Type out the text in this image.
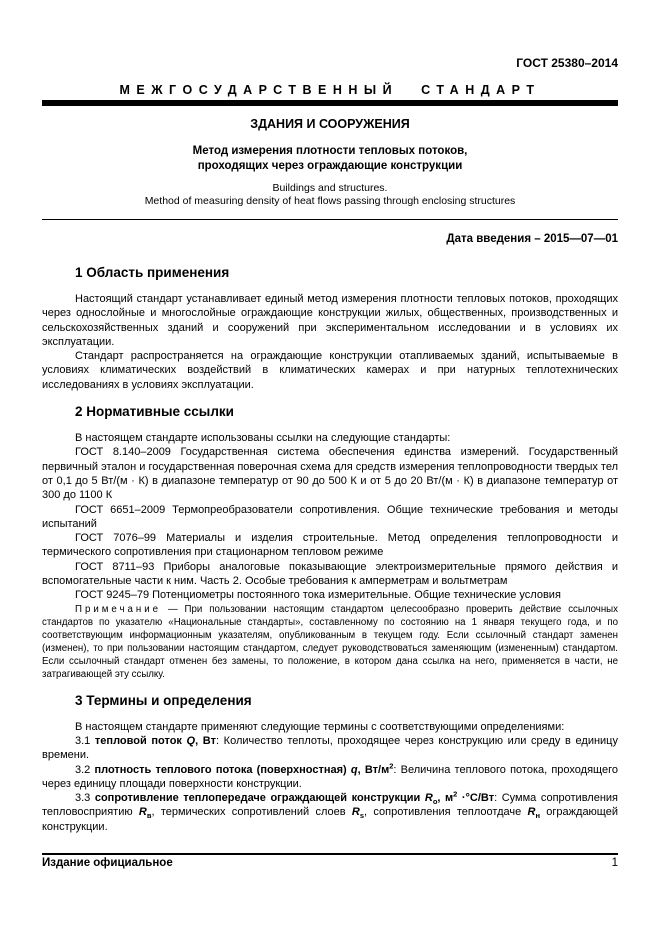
ГОСТ 25380–2014
МЕЖГОСУДАРСТВЕННЫЙ СТАНДАРТ
ЗДАНИЯ И СООРУЖЕНИЯ
Метод измерения плотности тепловых потоков,
проходящих через ограждающие конструкции
Buildings and structures.
Method of measuring density of heat flows passing through enclosing structures
Дата введения – 2015—07—01
1 Область применения

Настоящий стандарт устанавливает единый метод измерения плотности тепловых потоков, проходящих через однослойные и многослойные ограждающие конструкции жилых, общественных, производственных и сельскохозяйственных зданий и сооружений при экспериментальном исследовании и в условиях их эксплуатации.

Стандарт распространяется на ограждающие конструкции отапливаемых зданий, испытываемые в условиях климатических воздействий в климатических камерах и при натурных теплотехнических исследованиях в условиях эксплуатации.

2 Нормативные ссылки

В настоящем стандарте использованы ссылки на следующие стандарты:

ГОСТ 8.140–2009 Государственная система обеспечения единства измерений. Государственный первичный эталон и государственная поверочная схема для средств измерения теплопроводности твердых тел от 0,1 до 5 Вт/(м · К) в диапазоне температур от 90 до 500 К и от 5 до 20 Вт/(м · К) в диапазоне температур от 300 до 1100 К

ГОСТ 6651–2009 Термопреобразователи сопротивления. Общие технические требования и методы испытаний

ГОСТ 7076–99 Материалы и изделия строительные. Метод определения теплопроводности и термического сопротивления при стационарном тепловом режиме

ГОСТ 8711–93 Приборы аналоговые показывающие электроизмерительные прямого действия и вспомогательные части к ним. Часть 2. Особые требования к амперметрам и вольтметрам

ГОСТ 9245–79 Потенциометры постоянного тока измерительные. Общие технические условия

Примечание — При пользовании настоящим стандартом целесообразно проверить действие ссылочных стандартов по указателю «Национальные стандарты», составленному по состоянию на 1 января текущего года, и по соответствующим информационным указателям, опубликованным в текущем году. Если ссылочный стандарт заменен (изменен), то при пользовании настоящим стандартом, следует руководствоваться заменяющим (измененным) стандартом. Если ссылочный стандарт отменен без замены, то положение, в котором дана ссылка на него, применяется в части, не затрагивающей эту ссылку.

3 Термины и определения

В настоящем стандарте применяют следующие термины с соответствующими определениями:

3.1 тепловой поток Q, Вт: Количество теплоты, проходящее через конструкцию или среду в единицу времени.

3.2 плотность теплового потока (поверхностная) q, $Вт/м^2$: Величина теплового потока, проходящего через единицу площади поверхности конструкции.

3.3 сопротивление теплопередаче ограждающей конструкции $R_о$, $м^2 \cdot^\circ С/Вт$: Сумма сопротивления тепловосприятию $R_в$, термических сопротивлений слоев $R_s$, сопротивления теплоотдаче $R_н$ ограждающей конструкции.

Издание официальное	1
